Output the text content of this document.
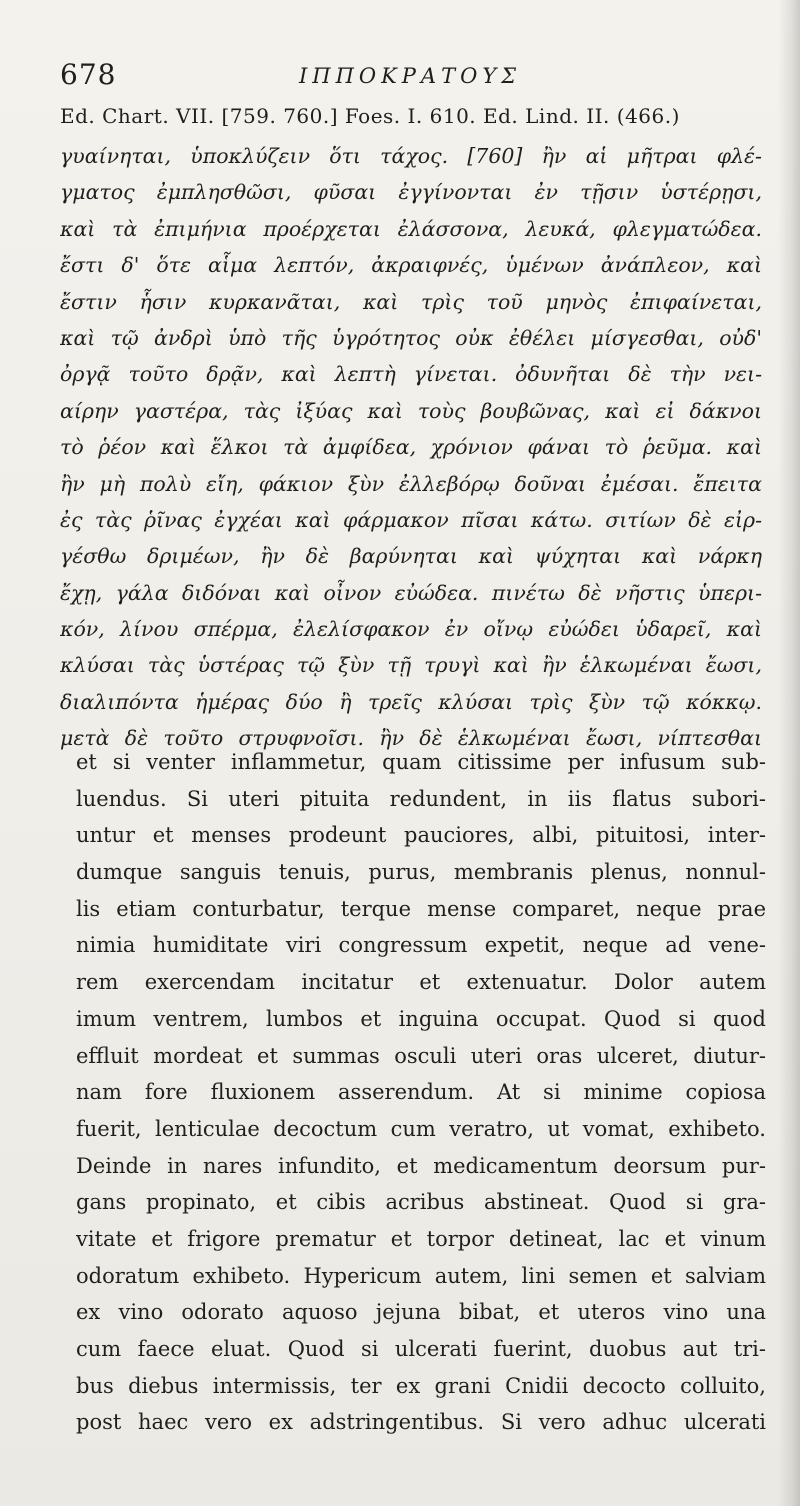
678	ΙΠΠΟΚΡΑΤΟΥΣ
Ed. Chart. VII. [759. 760.] Foes. I. 610. Ed. Lind. II. (466.)
γυαίνηται, ὑποκλύζειν ὅτι τάχος. [760] ἢν αἱ μῆτραι φλέ-
γματος ἐμπλησθῶσι, φῦσαι ἐγγίνονται ἐν τῇσιν ὑστέρῃσι,
καὶ τὰ ἐπιμήνια προέρχεται ἐλάσσονα, λευκά, φλεγματώδεα.
ἔστι δ' ὅτε αἷμα λεπτόν, ἀκραιφνές, ὑμένων ἀνάπλεον, καὶ
ἔστιν ἧσιν κυρκανᾶται, καὶ τρὶς τοῦ μηνὸς ἐπιφαίνεται,
καὶ τῷ ἀνδρὶ ὑπὸ τῆς ὑγρότητος οὐκ ἐθέλει μίσγεσθαι, οὐδ'
ὀργᾷ τοῦτο δρᾷν, καὶ λεπτὴ γίνεται. ὀδυνῆται δὲ τὴν νει-
αίρην γαστέρα, τὰς ἰξύας καὶ τοὺς βουβῶνας, καὶ εἰ δάκνοι
τὸ ῥέον καὶ ἕλκοι τὰ ἀμφίδεα, χρόνιον φάναι τὸ ῥεῦμα. καὶ
ἢν μὴ πολὺ εἴη, φάκιον ξὺν ἐλλεβόρῳ δοῦναι ἐμέσαι. ἔπειτα
ἐς τὰς ῥῖνας ἐγχέαι καὶ φάρμακον πῖσαι κάτω. σιτίων δὲ εἰρ-
γέσθω δριμέων, ἢν δὲ βαρύνηται καὶ ψύχηται καὶ νάρκη
ἔχῃ, γάλα διδόναι καὶ οἶνον εὐώδεα. πινέτω δὲ νῆστις ὑπερι-
κόν, λίνου σπέρμα, ἐλελίσφακον ἐν οἴνῳ εὐώδει ὑδαρεῖ, καὶ
κλύσαι τὰς ὑστέρας τῷ ξὺν τῇ τρυγὶ καὶ ἢν ἑλκωμέναι ἔωσι,
διαλιπόντα ἡμέρας δύο ἢ τρεῖς κλύσαι τρὶς ξὺν τῷ κόκκῳ.
μετὰ δὲ τοῦτο στρυφνοῖσι. ἢν δὲ ἑλκωμέναι ἔωσι, νίπτεσθαι
et si venter inflammetur, quam citissime per infusum sub-
luendus. Si uteri pituita redundent, in iis flatus subori-
untur et menses prodeunt pauciores, albi, pituitosi, inter-
dumque sanguis tenuis, purus, membranis plenus, nonnul-
lis etiam conturbatur, terque mense comparet, neque prae
nimia humiditate viri congressum expetit, neque ad vene-
rem exercendam incitatur et extenuatur. Dolor autem
imum ventrem, lumbos et inguina occupat. Quod si quod
effluit mordeat et summas osculi uteri oras ulceret, diutur-
nam fore fluxionem asserendum. At si minime copiosa
fuerit, lenticulae decoctum cum veratro, ut vomat, exhibeto.
Deinde in nares infundito, et medicamentum deorsum pur-
gans propinato, et cibis acribus abstineat. Quod si gra-
vitate et frigore prematur et torpor detineat, lac et vinum
odoratum exhibeto. Hypericum autem, lini semen et salviam
ex vino odorato aquoso jejuna bibat, et uteros vino una
cum faece eluat. Quod si ulcerati fuerint, duobus aut tri-
bus diebus intermissis, ter ex grani Cnidii decocto colluito,
post haec vero ex adstringentibus. Si vero adhuc ulcerati
